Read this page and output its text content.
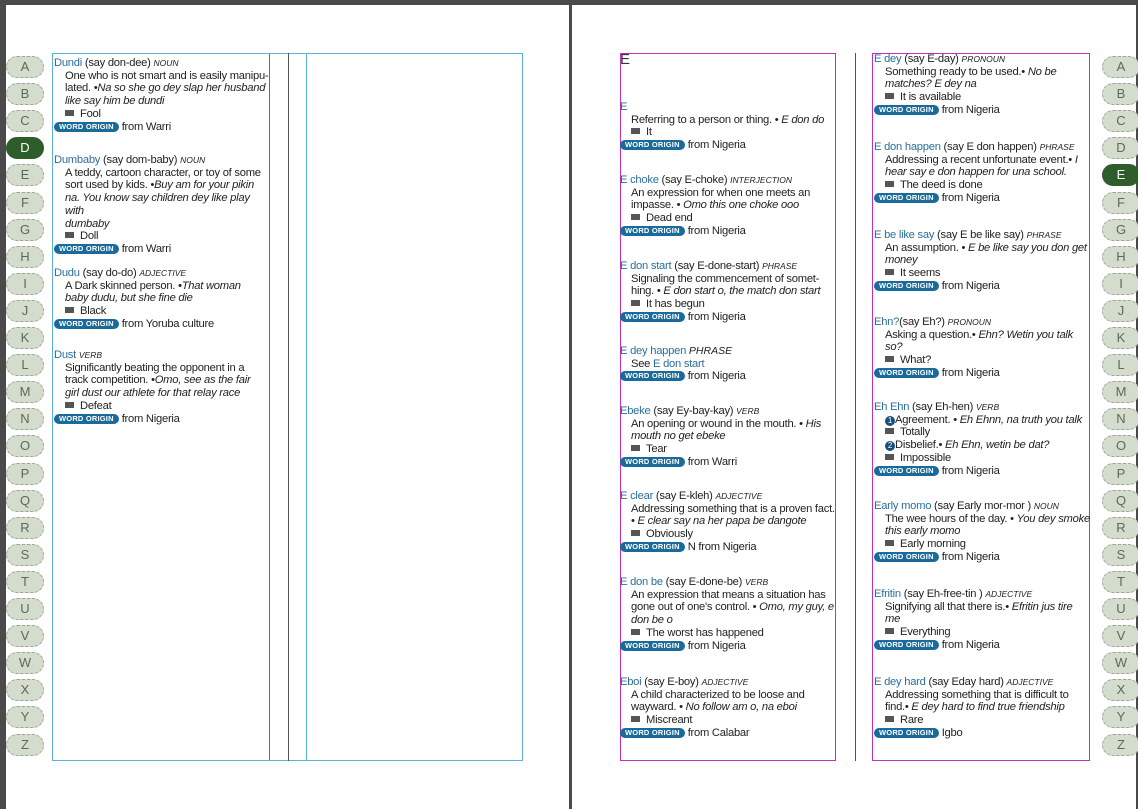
A
B
C
D
E
F
G
H
I
J
K
L
M
N
O
P
Q
R
S
T
U
V
W
X
Y
Z
Dundi (say don-dee) NOUN
One who is not smart and is easily manipu-
lated. •Na so she go dey slap her husband
like say him be dundi
Fool
WORD ORIGIN from Warri
Dumbaby (say dom-baby) NOUN
A teddy, cartoon character, or toy of some
sort used by kids. •Buy am for your pikin
na. You know say children dey like play with
dumbaby
Doll
WORD ORIGIN from Warri
Dudu (say do-do) ADJECTIVE
A Dark skinned person. •That woman
baby dudu, but she fine die
Black
WORD ORIGIN from Yoruba culture
Dust VERB
Significantly beating the opponent in a
track competition. •Omo, see as the fair
girl dust our athlete for that relay race
Defeat
WORD ORIGIN from Nigeria
A
B
C
D
E
F
G
H
I
J
K
L
M
N
O
P
Q
R
S
T
U
V
W
X
Y
Z
E
E
Referring to a person or thing. • E don do
It
WORD ORIGIN from Nigeria
E choke (say E-choke) INTERJECTION
An expression for when one meets an impasse. • Omo this one choke ooo
Dead end
WORD ORIGIN from Nigeria
E don start (say E-done-start) PHRASE
Signaling the commencement of somet-hing. • E don start o, the match don start
It has begun
WORD ORIGIN from Nigeria
E dey happen PHRASE
See E don start
WORD ORIGIN from Nigeria
Ebeke (say Ey-bay-kay) VERB
An opening or wound in the mouth. • His mouth no get ebeke
Tear
WORD ORIGIN from Warri
E clear (say E-kleh) ADJECTIVE
Addressing something that is a proven fact. • E clear say na her papa be dangote
Obviously
WORD ORIGIN N from Nigeria
E don be (say E-done-be) VERB
An expression that means a situation has gone out of one's control. • Omo, my guy, e don be o
The worst has happened
WORD ORIGIN from Nigeria
Eboi (say E-boy) ADJECTIVE
A child characterized to be loose and wayward. • No follow am o, na eboi
Miscreant
WORD ORIGIN from Calabar
E dey (say E-day) PRONOUN
Something ready to be used.• No be matches? E dey na
It is available
WORD ORIGIN from Nigeria
E don happen (say E don happen) PHRASE
Addressing a recent unfortunate event.• I hear say e don happen for una school.
The deed is done
WORD ORIGIN from Nigeria
E be like say (say E be like say) PHRASE
An assumption. • E be like say you don get money
It seems
WORD ORIGIN from Nigeria
Ehn?(say Eh?) PRONOUN
Asking a question.• Ehn? Wetin you talk so?
What?
WORD ORIGIN from Nigeria
Eh Ehn (say Eh-hen) VERB
1 Agreement. • Eh Ehnn, na truth you talk
Totally
2 Disbelief.• Eh Ehn, wetin be dat?
Impossible
WORD ORIGIN from Nigeria
Early momo (say Early mor-mor ) NOUN
The wee hours of the day. • You dey smoke this early momo
Early morning
WORD ORIGIN from Nigeria
Efritin (say Eh-free-tin ) ADJECTIVE
Signifying all that there is.• Efritin jus tire me
Everything
WORD ORIGIN from Nigeria
E dey hard (say Eday hard) ADJECTIVE
Addressing something that is difficult to find.• E dey hard to find true friendship
Rare
WORD ORIGIN Igbo
